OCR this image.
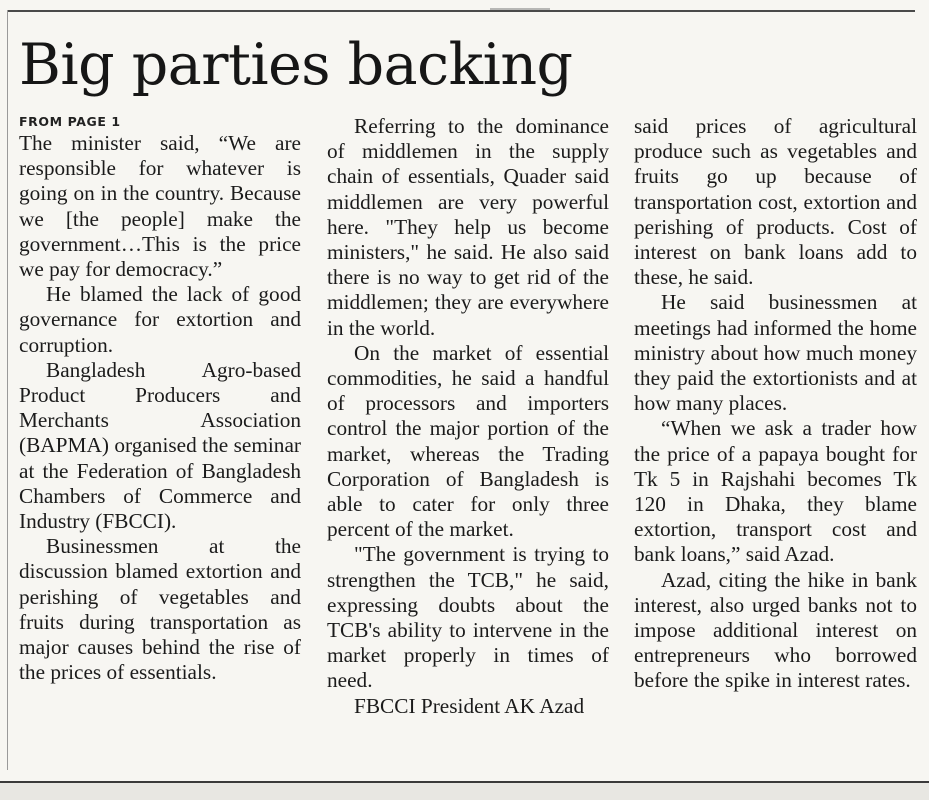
Big parties backing
FROM PAGE 1

The minister said, “We are responsible for whatever is going on in the country. Because we [the people] make the government…This is the price we pay for democracy.”

He blamed the lack of good governance for extortion and corruption.

Bangladesh Agro-based Product Producers and Merchants Association (BAPMA) organised the seminar at the Federation of Bangladesh Chambers of Commerce and Industry (FBCCI).

Businessmen at the discussion blamed extortion and perishing of vegetables and fruits during transportation as major causes behind the rise of the prices of essentials.

Referring to the dominance of middlemen in the supply chain of essentials, Quader said middlemen are very powerful here. "They help us become ministers," he said. He also said there is no way to get rid of the middlemen; they are everywhere in the world.

On the market of essential commodities, he said a handful of processors and importers control the major portion of the market, whereas the Trading Corporation of Bangladesh is able to cater for only three percent of the market.

"The government is trying to strengthen the TCB," he said, expressing doubts about the TCB's ability to intervene in the market properly in times of need.

FBCCI President AK Azad

said prices of agricultural produce such as vegetables and fruits go up because of transportation cost, extortion and perishing of products. Cost of interest on bank loans add to these, he said.

He said businessmen at meetings had informed the home ministry about how much money they paid the extortionists and at how many places.

“When we ask a trader how the price of a papaya bought for Tk 5 in Rajshahi becomes Tk 120 in Dhaka, they blame extortion, transport cost and bank loans,” said Azad.

Azad, citing the hike in bank interest, also urged banks not to impose additional interest on entrepreneurs who borrowed before the spike in interest rates.
